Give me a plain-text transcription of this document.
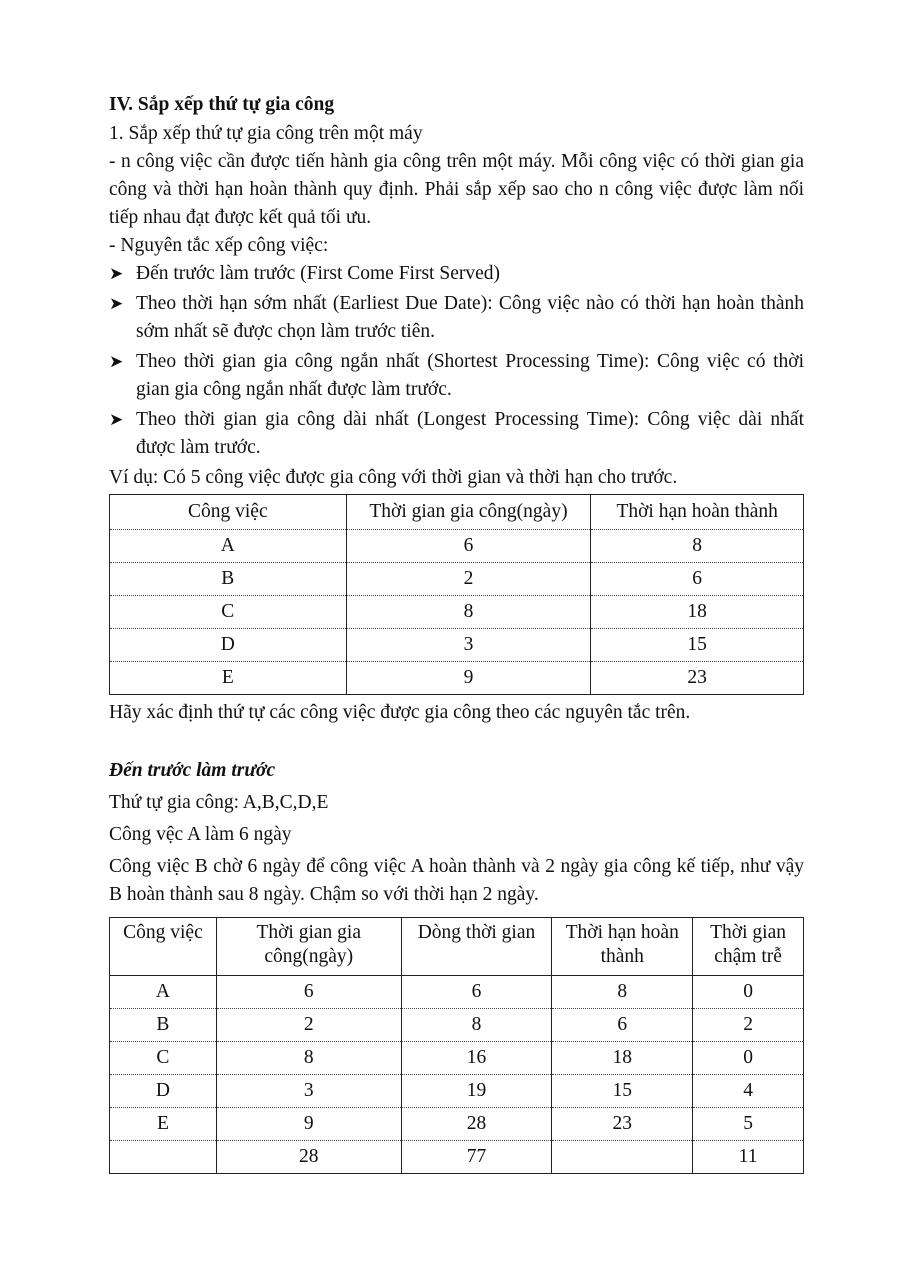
IV. Sắp xếp thứ tự gia công

1. Sắp xếp thứ tự gia công trên một máy

- n công việc cần được tiến hành gia công trên một máy. Mỗi công việc có thời gian gia công và thời hạn hoàn thành quy định. Phải sắp xếp sao cho n công việc được làm nối tiếp nhau đạt được kết quả tối ưu.

- Nguyên tắc xếp công việc:

➤ Đến trước làm trước (First Come First Served)
➤ Theo thời hạn sớm nhất (Earliest Due Date): Công việc nào có thời hạn hoàn thành sớm nhất sẽ được chọn làm trước tiên.
➤ Theo thời gian gia công ngắn nhất (Shortest Processing Time): Công việc có thời gian gia công ngắn nhất được làm trước.
➤ Theo thời gian gia công dài nhất (Longest Processing Time): Công việc dài nhất được làm trước.

Ví dụ: Có 5 công việc được gia công với thời gian và thời hạn cho trước.

Công việc	Thời gian gia công(ngày)	Thời hạn hoàn thành
A	6	8
B	2	6
C	8	18
D	3	15
E	9	23

Hãy xác định thứ tự các công việc được gia công theo các nguyên tắc trên.

Đến trước làm trước

Thứ tự gia công: A,B,C,D,E

Công vệc A làm 6 ngày

Công việc B chờ 6 ngày để công việc A hoàn thành và 2 ngày gia công kế tiếp, như vậy B hoàn thành sau 8 ngày. Chậm so với thời hạn 2 ngày.

Công việc	Thời gian gia công(ngày)	Dòng thời gian	Thời hạn hoàn thành	Thời gian chậm trễ
A	6	6	8	0
B	2	8	6	2
C	8	16	18	0
D	3	19	15	4
E	9	28	23	5
	28	77		11
